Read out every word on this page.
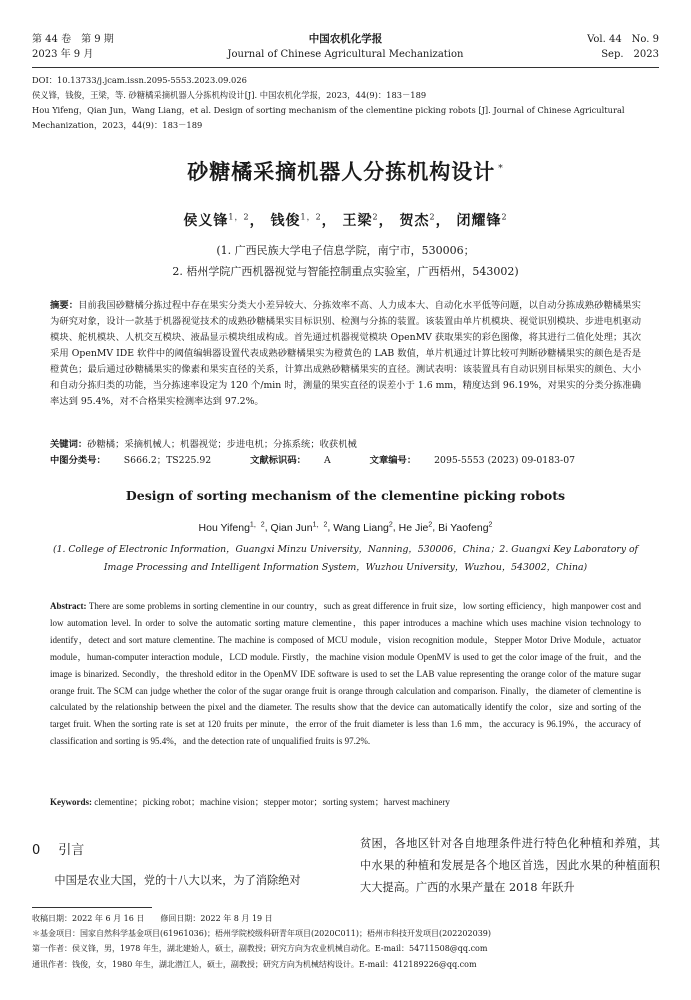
第 44 卷　第 9 期
2023 年 9 月
中国农机化学报
Journal of Chinese Agricultural Mechanization
Vol. 44　No. 9
Sep.　2023
DOI：10.13733/j.jcam.issn.2095-5553.2023.09.026
侯义锋，钱俊，王梁，等. 砂糖橘采摘机器人分拣机构设计[J]. 中国农机化学报，2023，44(9)：183－189
Hou Yifeng，Qian Jun，Wang Liang，et al. Design of sorting mechanism of the clementine picking robots [J]. Journal of Chinese Agricultural Mechanization，2023，44(9)：183－189
砂糖橘采摘机器人分拣机构设计 *
侯义锋$^{1,2}$， 钱俊$^{1,2}$， 王梁$^2$， 贺杰$^2$， 闭耀锋$^2$
(1. 广西民族大学电子信息学院，南宁市，530006；
2. 梧州学院广西机器视觉与智能控制重点实验室，广西梧州，543002)
摘要：目前我国砂糖橘分拣过程中存在果实分类大小差异较大、分拣效率不高、人力成本大、自动化水平低等问题，以自动分拣成熟砂糖橘果实为研究对象，设计一款基于机器视觉技术的成熟砂糖橘果实目标识别、检测与分拣的装置。该装置由单片机模块、视觉识别模块、步进电机驱动模块、舵机模块、人机交互模块、液晶显示模块组成构成。首先通过机器视觉模块 OpenMV 获取果实的彩色图像，将其进行二值化处理；其次采用 OpenMV IDE 软件中的阈值编辑器设置代表成熟砂糖橘果实为橙黄色的 LAB 数值，单片机通过计算比较可判断砂糖橘果实的颜色是否是橙黄色；最后通过砂糖橘果实的像素和果实直径的关系，计算出成熟砂糖橘果实的直径。测试表明：该装置具有自动识别目标果实的颜色、大小和自动分拣归类的功能，当分拣速率设定为 120 个/min 时，测量的果实直径的误差小于 1.6 mm，精度达到 96.19%，对果实的分类分拣准确率达到 95.4%，对不合格果实检测率达到 97.2%。
关键词：砂糖橘；采摘机械人；机器视觉；步进电机；分拣系统；收获机械
中图分类号： S666.2；TS225.92	文献标识码： A	文章编号： 2095-5553 (2023) 09-0183-07
Design of sorting mechanism of the clementine picking robots
Hou Yifeng$^{1,2}$, Qian Jun$^{1,2}$, Wang Liang$^2$, He Jie$^2$, Bi Yaofeng$^2$
(1. College of Electronic Information，Guangxi Minzu University，Nanning，530006，China；2. Guangxi Key Laboratory of Image Processing and Intelligent Information System，Wuzhou University，Wuzhou，543002，China)
Abstract: There are some problems in sorting clementine in our country，such as great difference in fruit size，low sorting efficiency，high manpower cost and low automation level. In order to solve the automatic sorting mature clementine，this paper introduces a machine which uses machine vision technology to identify，detect and sort mature clementine. The machine is composed of MCU module，vision recognition module，Stepper Motor Drive Module，actuator module，human-computer interaction module，LCD module. Firstly，the machine vision module OpenMV is used to get the color image of the fruit，and the image is binarized. Secondly，the threshold editor in the OpenMV IDE software is used to set the LAB value representing the orange color of the mature sugar orange fruit. The SCM can judge whether the color of the sugar orange fruit is orange through calculation and comparison. Finally，the diameter of clementine is calculated by the relationship between the pixel and the diameter. The results show that the device can automatically identify the color，size and sorting of the target fruit. When the sorting rate is set at 120 fruits per minute，the error of the fruit diameter is less than 1.6 mm，the accuracy is 96.19%，the accuracy of classification and sorting is 95.4%，and the detection rate of unqualified fruits is 97.2%.
Keywords: clementine；picking robot；machine vision；stepper motor；sorting system；harvest machinery
0 引言
中国是农业大国，党的十八大以来，为了消除绝对
贫困，各地区针对各自地理条件进行特色化种植和养殖，其中水果的种植和发展是各个地区首选，因此水果的种植面积大大提高。广西的水果产量在 2018 年跃升
收稿日期：2022 年 6 月 16 日　　修回日期：2022 年 8 月 19 日
＊基金项目：国家自然科学基金项目(61961036)；梧州学院校级科研青年项目(2020C011)；梧州市科技开发项目(202202039)
第一作者：侯义锋，男，1978 年生，湖北建始人，硕士，副教授；研究方向为农业机械自动化。E-mail：54711508@qq.com
通讯作者：钱俊，女，1980 年生，湖北潜江人，硕士，副教授；研究方向为机械结构设计。E-mail：412189226@qq.com
